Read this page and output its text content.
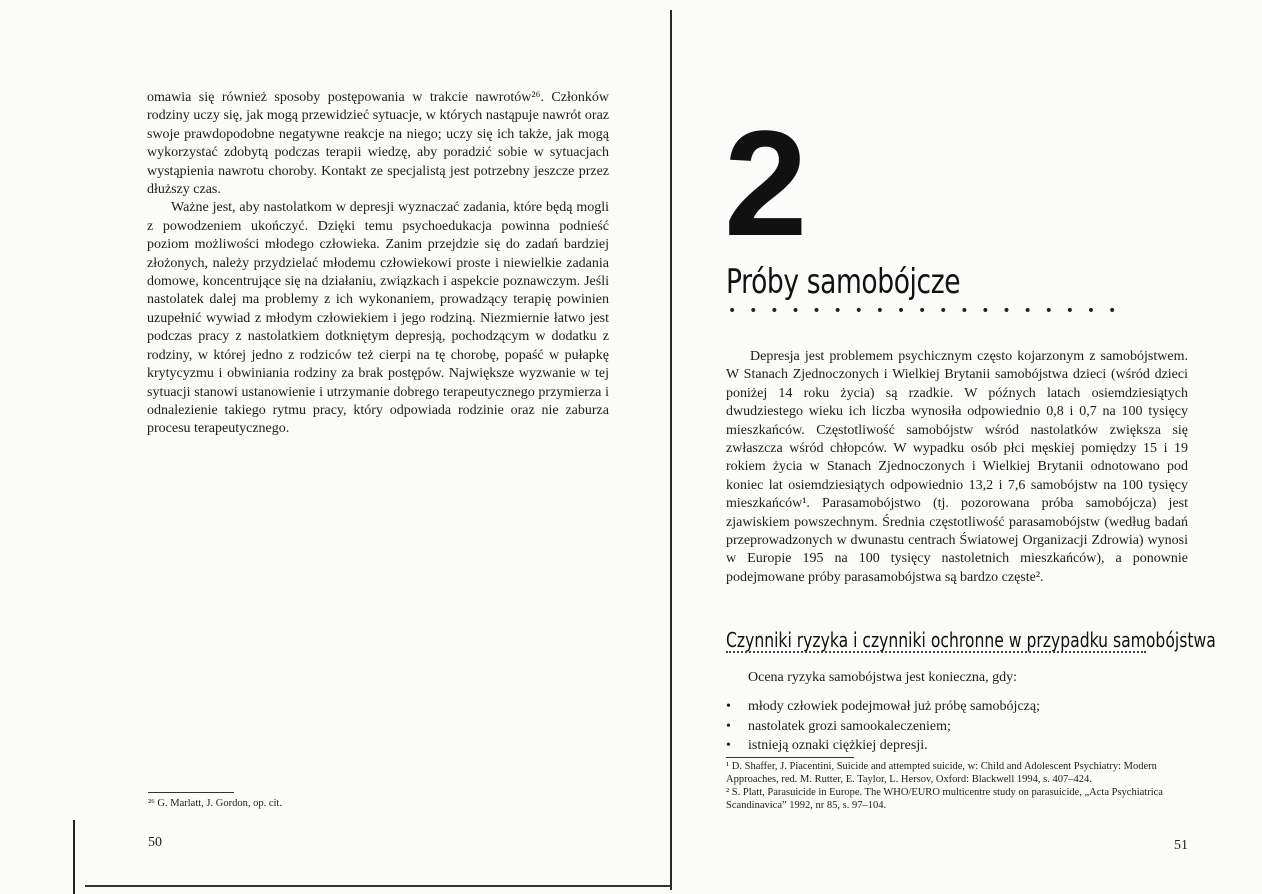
omawia się również sposoby postępowania w trakcie nawrotów²⁶. Członków rodziny uczy się, jak mogą przewidzieć sytuacje, w których nastąpuje nawrót oraz swoje prawdopodobne negatywne reakcje na niego; uczy się ich także, jak mogą wykorzystać zdobytą podczas terapii wiedzę, aby poradzić sobie w sytuacjach wystąpienia nawrotu choroby. Kontakt ze specjalistą jest potrzebny jeszcze przez dłuższy czas.

Ważne jest, aby nastolatkom w depresji wyznaczać zadania, które będą mogli z powodzeniem ukończyć. Dzięki temu psychoedukacja powinna podnieść poziom możliwości młodego człowieka. Zanim przejdzie się do zadań bardziej złożonych, należy przydzielać młodemu człowiekowi proste i niewielkie zadania domowe, koncentrujące się na działaniu, związkach i aspekcie poznawczym. Jeśli nastolatek dalej ma problemy z ich wykonaniem, prowadzący terapię powinien uzupełnić wywiad z młodym człowiekiem i jego rodziną. Niezmiernie łatwo jest podczas pracy z nastolatkiem dotkniętym depresją, pochodzącym w dodatku z rodziny, w której jedno z rodziców też cierpi na tę chorobę, popaść w pułapkę krytycyzmu i obwiniania rodziny za brak postępów. Największe wyzwanie w tej sytuacji stanowi ustanowienie i utrzymanie dobrego terapeutycznego przymierza i odnalezienie takiego rytmu pracy, który odpowiada rodzinie oraz nie zaburza procesu terapeutycznego.

²⁶ G. Marlatt, J. Gordon, op. cit.
50
2
Próby samobójcze
• • • • • • • • • • • • • • • • • • •

Depresja jest problemem psychicznym często kojarzonym z samobójstwem. W Stanach Zjednoczonych i Wielkiej Brytanii samobójstwa dzieci (wśród dzieci poniżej 14 roku życia) są rzadkie. W późnych latach osiemdziesiątych dwudziestego wieku ich liczba wynosiła odpowiednio 0,8 i 0,7 na 100 tysięcy mieszkańców. Częstotliwość samobójstw wśród nastolatków zwiększa się zwłaszcza wśród chłopców. W wypadku osób płci męskiej pomiędzy 15 i 19 rokiem życia w Stanach Zjednoczonych i Wielkiej Brytanii odnotowano pod koniec lat osiemdziesiątych odpowiednio 13,2 i 7,6 samobójstw na 100 tysięcy mieszkańców¹. Parasamobójstwo (tj. pozorowana próba samobójcza) jest zjawiskiem powszechnym. Średnia częstotliwość parasamobójstw (według badań przeprowadzonych w dwunastu centrach Światowej Organizacji Zdrowia) wynosi w Europie 195 na 100 tysięcy nastoletnich mieszkańców), a ponownie podejmowane próby parasamobójstwa są bardzo częste².

Czynniki ryzyka i czynniki ochronne w przypadku samobójstwa
Ocena ryzyka samobójstwa jest konieczna, gdy:
• młody człowiek podejmował już próbę samobójczą;
• nastolatek grozi samookaleczeniem;
• istnieją oznaki ciężkiej depresji.

¹ D. Shaffer, J. Piacentini, Suicide and attempted suicide, w: Child and Adolescent Psychiatry: Modern Approaches, red. M. Rutter, E. Taylor, L. Hersov, Oxford: Blackwell 1994, s. 407–424.

² S. Platt, Parasuicide in Europe. The WHO/EURO multicentre study on parasuicide, „Acta Psychiatrica Scandinavica” 1992, nr 85, s. 97–104.

51
